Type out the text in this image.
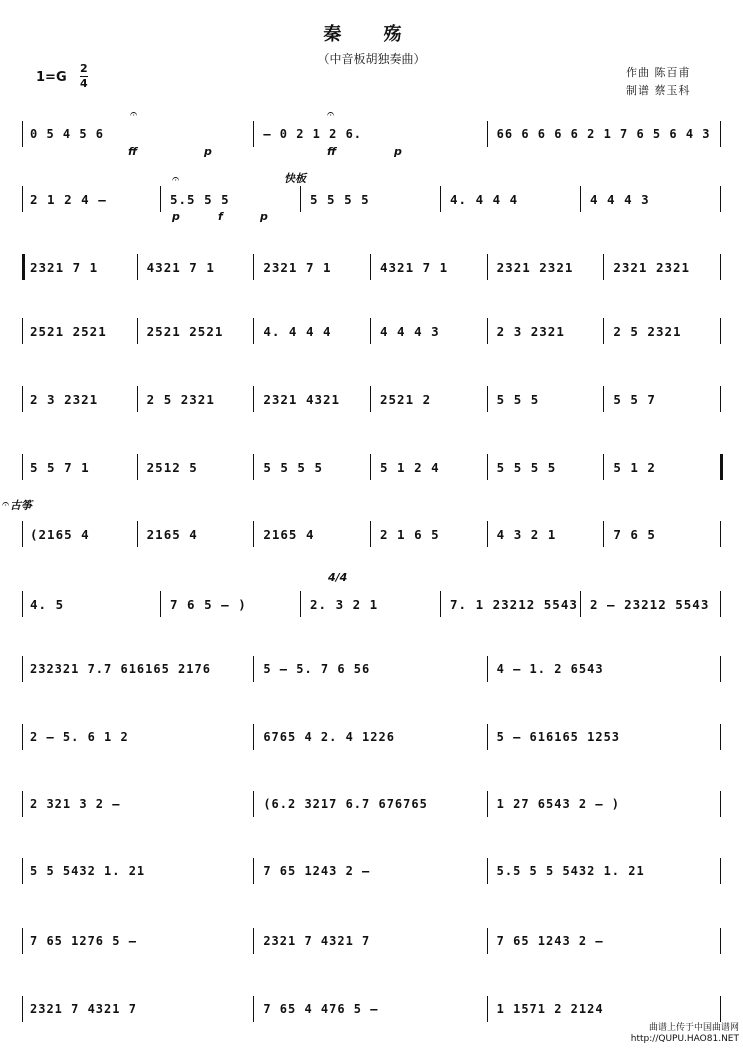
秦 殇
（中音板胡独奏曲）
1=G
2
4
作曲 陈百甫
制谱 蔡玉科
0 5 4 5 6	– 0 2 1 2 6.	66 6 6 6 6 2 1 7 6 5 6 4 3
ff	p	ff	p
𝄐	𝄐
2 1 2 4 –	5.5 5 5	5 5 5 5	4. 4 4 4	4 4 4 3
p	f	p
快板
𝄐
2321 7 1	4321 7 1	2321 7 1	4321 7 1	2321 2321	2321 2321
2521 2521	2521 2521	4. 4 4 4	4 4 4 3	2 3 2321	2 5 2321
2 3 2321	2 5 2321	2321 4321	2521 2	5 5 5	5 5 7
5 5 7 1	2512 5	5 5 5 5	5 1 2 4	5 5 5 5	5 1 2
(2165 4	2165 4	2165 4	2 1 6 5	4 3 2 1	7 6 5
古筝
𝄐
4. 5	7 6 5 – )	2. 3 2 1	7. 1 23212 5543 2 – 23212 5543
4/4
232321 7.7 616165 2176	5 – 5. 7 6 56	4 – 1. 2 6543
2 – 5. 6 1 2	6765 4 2. 4 1226	5 – 616165 1253
2 321 3 2 –	(6.2 3217 6.7 676765	1 27 6543 2 – )
5 5 5432 1. 21	7 65 1243 2 –	5.5 5 5 5432 1. 21
7 65 1276 5 –	2321 7 4321 7	7 65 1243 2 –
2321 7 4321 7	7 65 4 476 5 –	1 1571 2 2124
曲谱上传于中国曲谱网
http://QUPU.HAO81.NET
